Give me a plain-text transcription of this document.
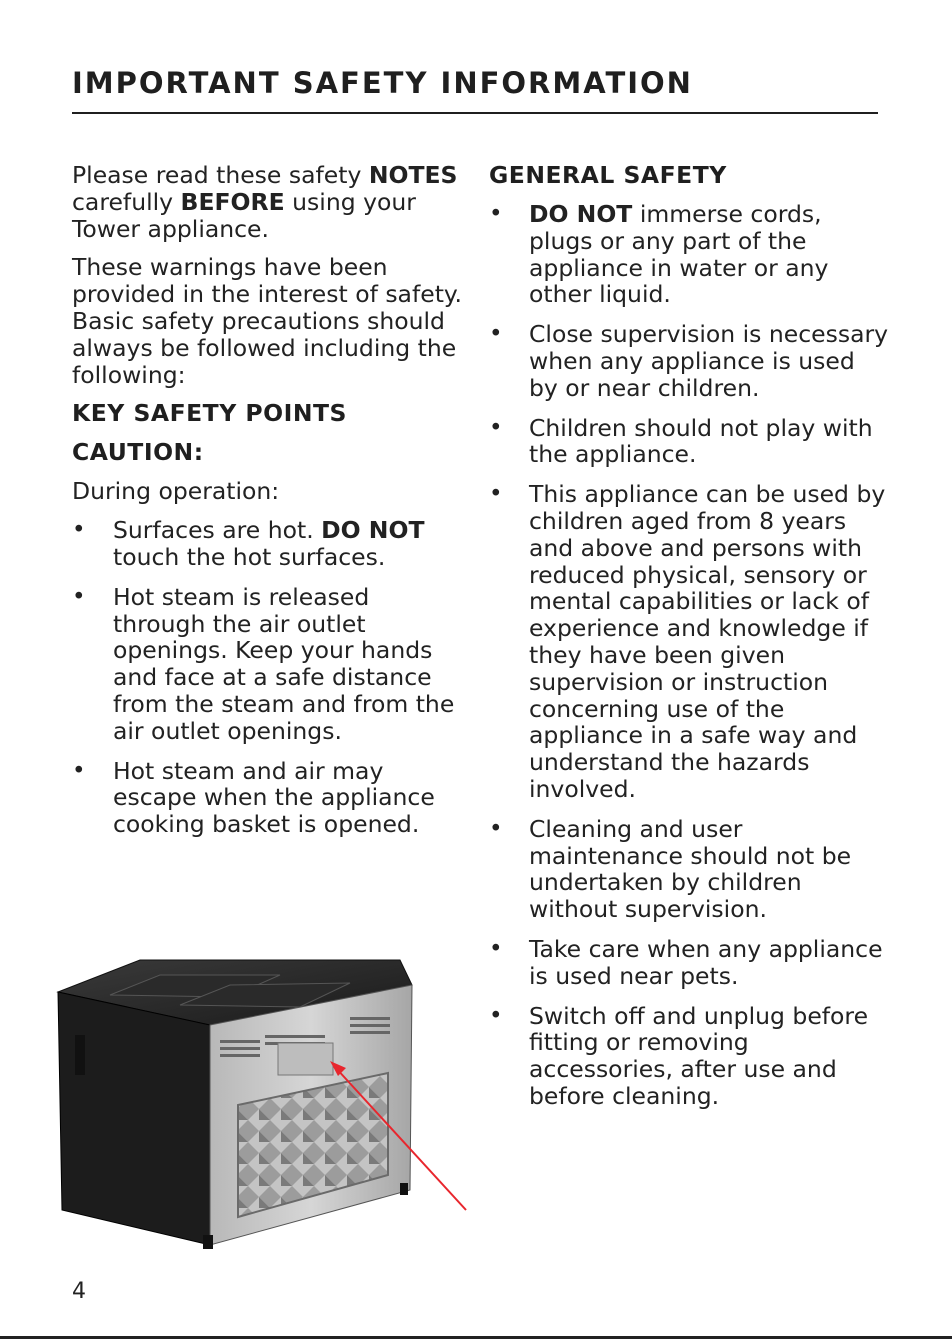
IMPORTANT SAFETY INFORMATION

Please read these safety NOTES carefully BEFORE using your Tower appliance.

These warnings have been provided in the interest of safety. Basic safety precautions should always be followed including the following:

KEY SAFETY POINTS

CAUTION:

During operation:

• Surfaces are hot. DO NOT touch the hot surfaces.
• Hot steam is released through the air outlet openings. Keep your hands and face at a safe distance from the steam and from the air outlet openings.
• Hot steam and air may escape when the appliance cooking basket is opened.

GENERAL SAFETY

• DO NOT immerse cords, plugs or any part of the appliance in water or any other liquid.
• Close supervision is necessary when any appliance is used by or near children.
• Children should not play with the appliance.
• This appliance can be used by children aged from 8 years and above and persons with reduced physical, sensory or mental capabilities or lack of experience and knowledge if they have been given supervision or instruction concerning use of the appliance in a safe way and understand the hazards involved.
• Cleaning and user maintenance should not be undertaken by children without supervision.
• Take care when any appliance is used near pets.
• Switch off and unplug before fitting or removing accessories, after use and before cleaning.
4
